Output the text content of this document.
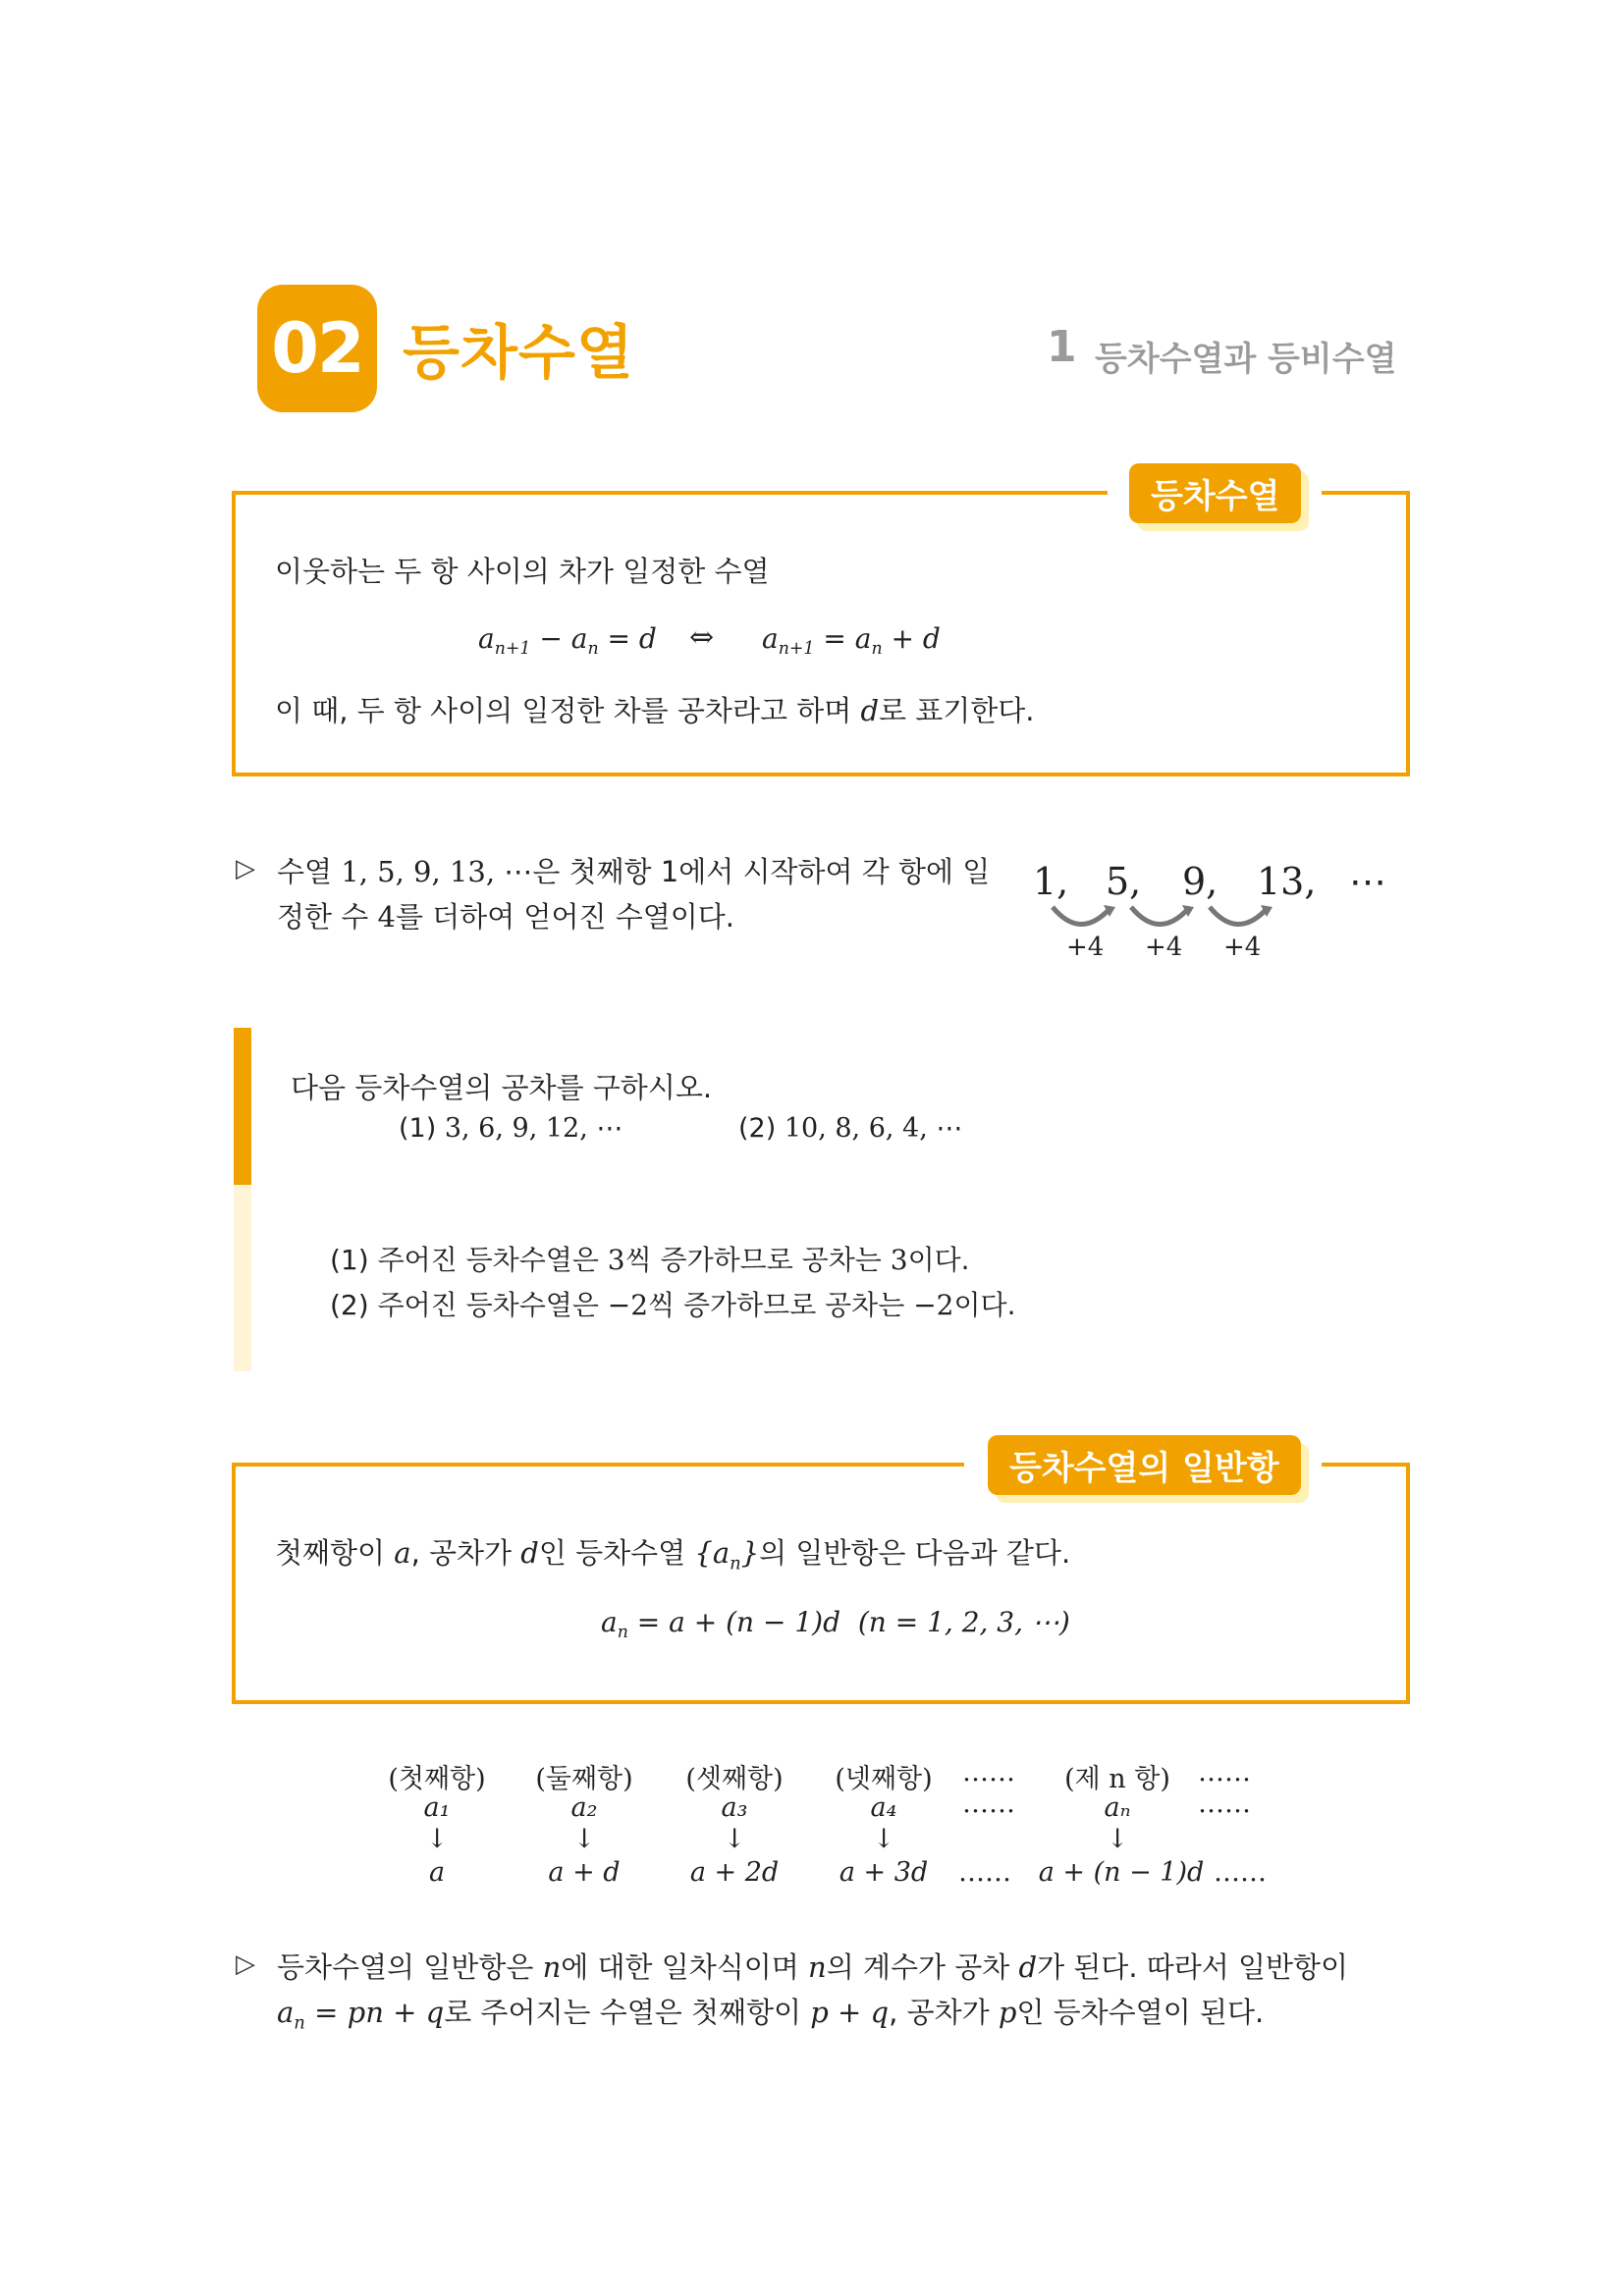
02 등차수열	1 등차수열과 등비수열
등차수열
이웃하는 두 항 사이의 차가 일정한 수열
$a_{n+1} - a_n = d$ ⇔ $a_{n+1} = a_n + d$
이 때, 두 항 사이의 일정한 차를 공차라고 하며 d로 표기한다.
▷ 수열 1, 5, 9, 13, ⋯은 첫째항 1에서 시작하여 각 항에 일
정한 수 4를 더하여 얻어진 수열이다.
1, 5, 9, 13, ⋯
+4 +4 +4
다음 등차수열의 공차를 구하시오.
(1) 3, 6, 9, 12, ⋯	(2) 10, 8, 6, 4, ⋯
(1) 주어진 등차수열은 3씩 증가하므로 공차는 3이다.
(2) 주어진 등차수열은 −2씩 증가하므로 공차는 −2이다.
등차수열의 일반항
첫째항이 a, 공차가 d인 등차수열 $\{a_n\}$의 일반항은 다음과 같다.
$a_n = a + (n - 1)d$  (n = 1, 2, 3, ⋯)
(첫째항)	(둘째항)	(셋째항)	(넷째항)	……	(제 n 항)	……
a₁	a₂	a₃	a₄	……	aₙ	……
↓	↓	↓	↓	↓
a	a + d	a + 2d	a + 3d	…… a + (n − 1)d ……
▷ 등차수열의 일반항은 n에 대한 일차식이며 n의 계수가 공차 d가 된다. 따라서 일반항이
$a_n$ = pn + q로 주어지는 수열은 첫째항이 p + q, 공차가 p인 등차수열이 된다.
